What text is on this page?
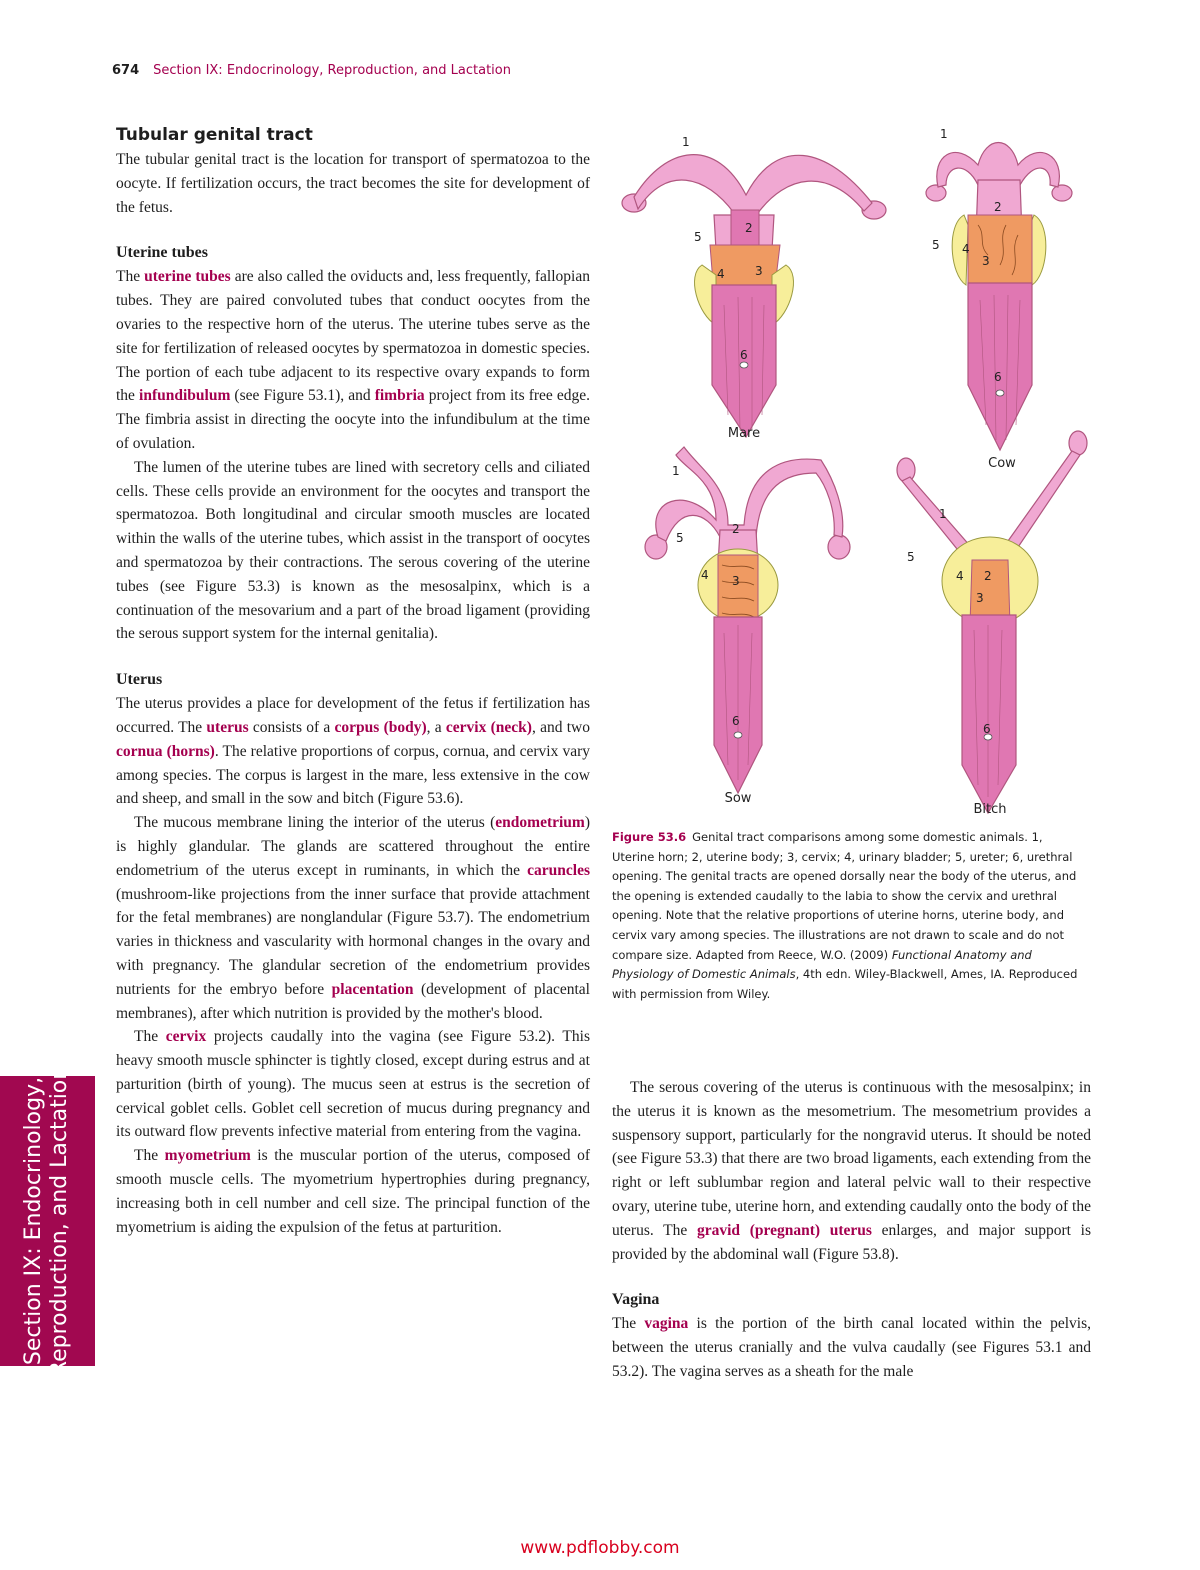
674 Section IX: Endocrinology, Reproduction, and Lactation
Tubular genital tract

The tubular genital tract is the location for transport of spermatozoa to the oocyte. If fertilization occurs, the tract becomes the site for development of the fetus.

Uterine tubes

The uterine tubes are also called the oviducts and, less frequently, fallopian tubes. They are paired convoluted tubes that conduct oocytes from the ovaries to the respective horn of the uterus. The uterine tubes serve as the site for fertilization of released oocytes by spermatozoa in domestic species. The portion of each tube adjacent to its respective ovary expands to form the infundibulum (see Figure 53.1), and fimbria project from its free edge. The fimbria assist in directing the oocyte into the infundibulum at the time of ovulation.

The lumen of the uterine tubes are lined with secretory cells and ciliated cells. These cells provide an environment for the oocytes and transport the spermatozoa. Both longitudinal and circular smooth muscles are located within the walls of the uterine tubes, which assist in the transport of oocytes and spermatozoa by their contractions. The serous covering of the uterine tubes (see Figure 53.3) is known as the mesosalpinx, which is a continuation of the mesovarium and a part of the broad ligament (providing the serous support system for the internal genitalia).

Uterus

The uterus provides a place for development of the fetus if fertilization has occurred. The uterus consists of a corpus (body), a cervix (neck), and two cornua (horns). The relative proportions of corpus, cornua, and cervix vary among species. The corpus is largest in the mare, less extensive in the cow and sheep, and small in the sow and bitch (Figure 53.6).

The mucous membrane lining the interior of the uterus (endometrium) is highly glandular. The glands are scattered throughout the entire endometrium of the uterus except in ruminants, in which the caruncles (mushroom-like projections from the inner surface that provide attachment for the fetal membranes) are nonglandular (Figure 53.7). The endometrium varies in thickness and vascularity with hormonal changes in the ovary and with pregnancy. The glandular secretion of the endometrium provides nutrients for the embryo before placentation (development of placental membranes), after which nutrition is provided by the mother's blood.

The cervix projects caudally into the vagina (see Figure 53.2). This heavy smooth muscle sphincter is tightly closed, except during estrus and at parturition (birth of young). The mucus seen at estrus is the secretion of cervical goblet cells. Goblet cell secretion of mucus during pregnancy and its outward flow prevents infective material from entering from the vagina.

The myometrium is the muscular portion of the uterus, composed of smooth muscle cells. The myometrium hypertrophies during pregnancy, increasing both in cell number and cell size. The principal function of the myometrium is aiding the expulsion of the fetus at parturition.

Mare
Cow
Sow
Bitch
1
2
3
4
5
6
1
2
3
4
5
6
1
2
3
4
5
6
1
2
3
4
5
6
Figure 53.6 Genital tract comparisons among some domestic animals. 1, Uterine horn; 2, uterine body; 3, cervix; 4, urinary bladder; 5, ureter; 6, urethral opening. The genital tracts are opened dorsally near the body of the uterus, and the opening is extended caudally to the labia to show the cervix and urethral opening. Note that the relative proportions of uterine horns, uterine body, and cervix vary among species. The illustrations are not drawn to scale and do not compare size. Adapted from Reece, W.O. (2009) Functional Anatomy and Physiology of Domestic Animals, 4th edn. Wiley-Blackwell, Ames, IA. Reproduced with permission from Wiley.

The serous covering of the uterus is continuous with the mesosalpinx; in the uterus it is known as the mesometrium. The mesometrium provides a suspensory support, particularly for the nongravid uterus. It should be noted (see Figure 53.3) that there are two broad ligaments, each extending from the right or left sublumbar region and lateral pelvic wall to their respective ovary, uterine tube, uterine horn, and extending caudally onto the body of the uterus. The gravid (pregnant) uterus enlarges, and major support is provided by the abdominal wall (Figure 53.8).

Vagina

The vagina is the portion of the birth canal located within the pelvis, between the uterus cranially and the vulva caudally (see Figures 53.1 and 53.2). The vagina serves as a sheath for the male

Section IX: Endocrinology, Reproduction, and Lactation
www.pdflobby.com
